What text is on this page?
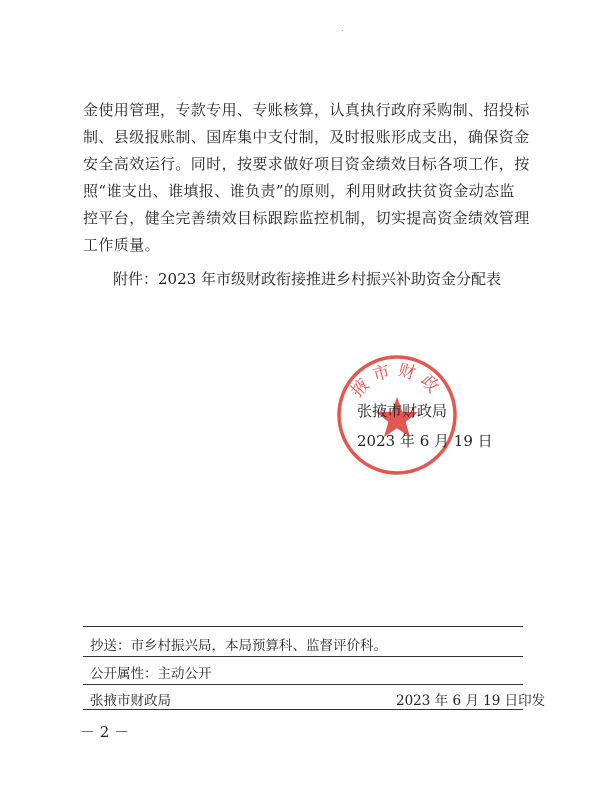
金使用管理，专款专用、专账核算，认真执行政府采购制、招投标
制、县级报账制、国库集中支付制，及时报账形成支出，确保资金
安全高效运行。同时，按要求做好项目资金绩效目标各项工作，按
照“谁支出、谁填报、谁负责”的原则，利用财政扶贫资金动态监
控平台，健全完善绩效目标跟踪监控机制，切实提高资金绩效管理
工作质量。

附件：2023 年市级财政衔接推进乡村振兴补助资金分配表

掖市财政
张掖市财政局
2023 年 6 月 19 日
抄送：市乡村振兴局，本局预算科、监督评价科。
公开属性：主动公开
张掖市财政局	2023 年 6 月 19 日印发
－ 2 －
